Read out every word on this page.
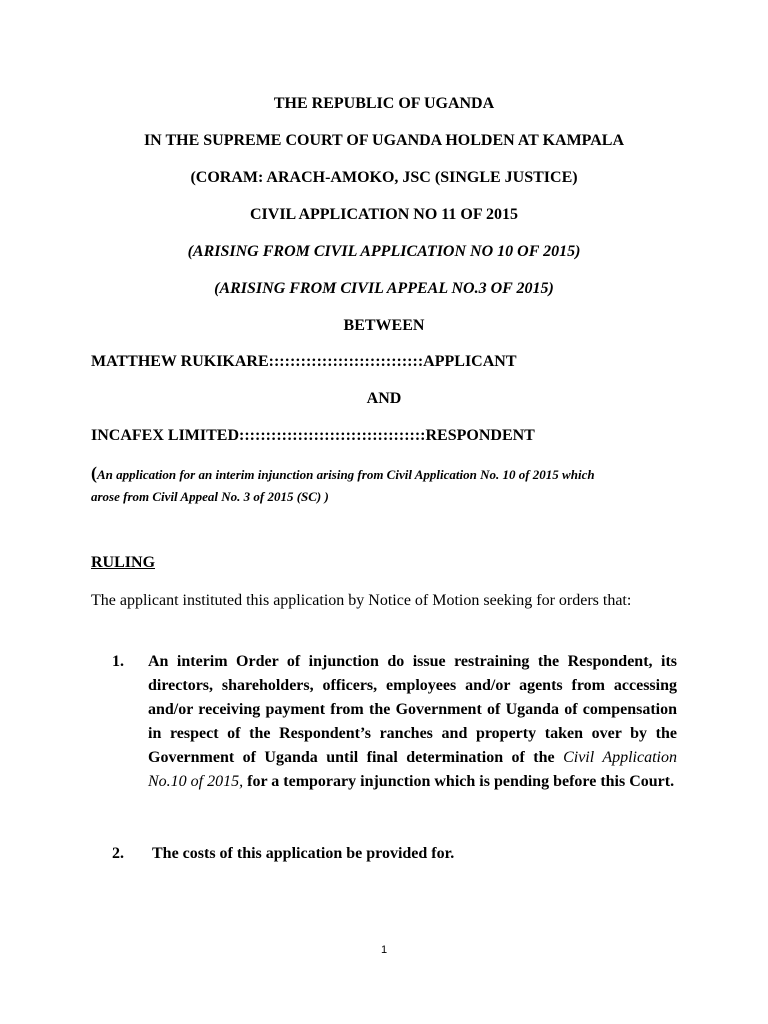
THE REPUBLIC OF UGANDA
IN THE SUPREME COURT OF UGANDA HOLDEN AT KAMPALA
(CORAM: ARACH-AMOKO, JSC (SINGLE JUSTICE)
CIVIL APPLICATION NO 11 OF 2015
(ARISING FROM CIVIL APPLICATION NO 10 OF 2015)
(ARISING FROM CIVIL APPEAL NO.3 OF 2015)
BETWEEN
MATTHEW RUKIKARE:::::::::::::::::::::::::::::APPLICANT
AND
INCAFEX LIMITED:::::::::::::::::::::::::::::::::::RESPONDENT
(An application for an interim injunction arising from Civil Application No. 10 of 2015 which
arose from Civil Appeal No. 3 of 2015 (SC) )
RULING
The applicant instituted this application by Notice of Motion seeking for orders that:
1. An interim Order of injunction do issue restraining the Respondent, its directors, shareholders, officers, employees and/or agents from accessing and/or receiving payment from the Government of Uganda of compensation in respect of the Respondent’s ranches and property taken over by the Government of Uganda until final determination of the Civil Application No.10 of 2015, for a temporary injunction which is pending before this Court.
2. The costs of this application be provided for.
1
